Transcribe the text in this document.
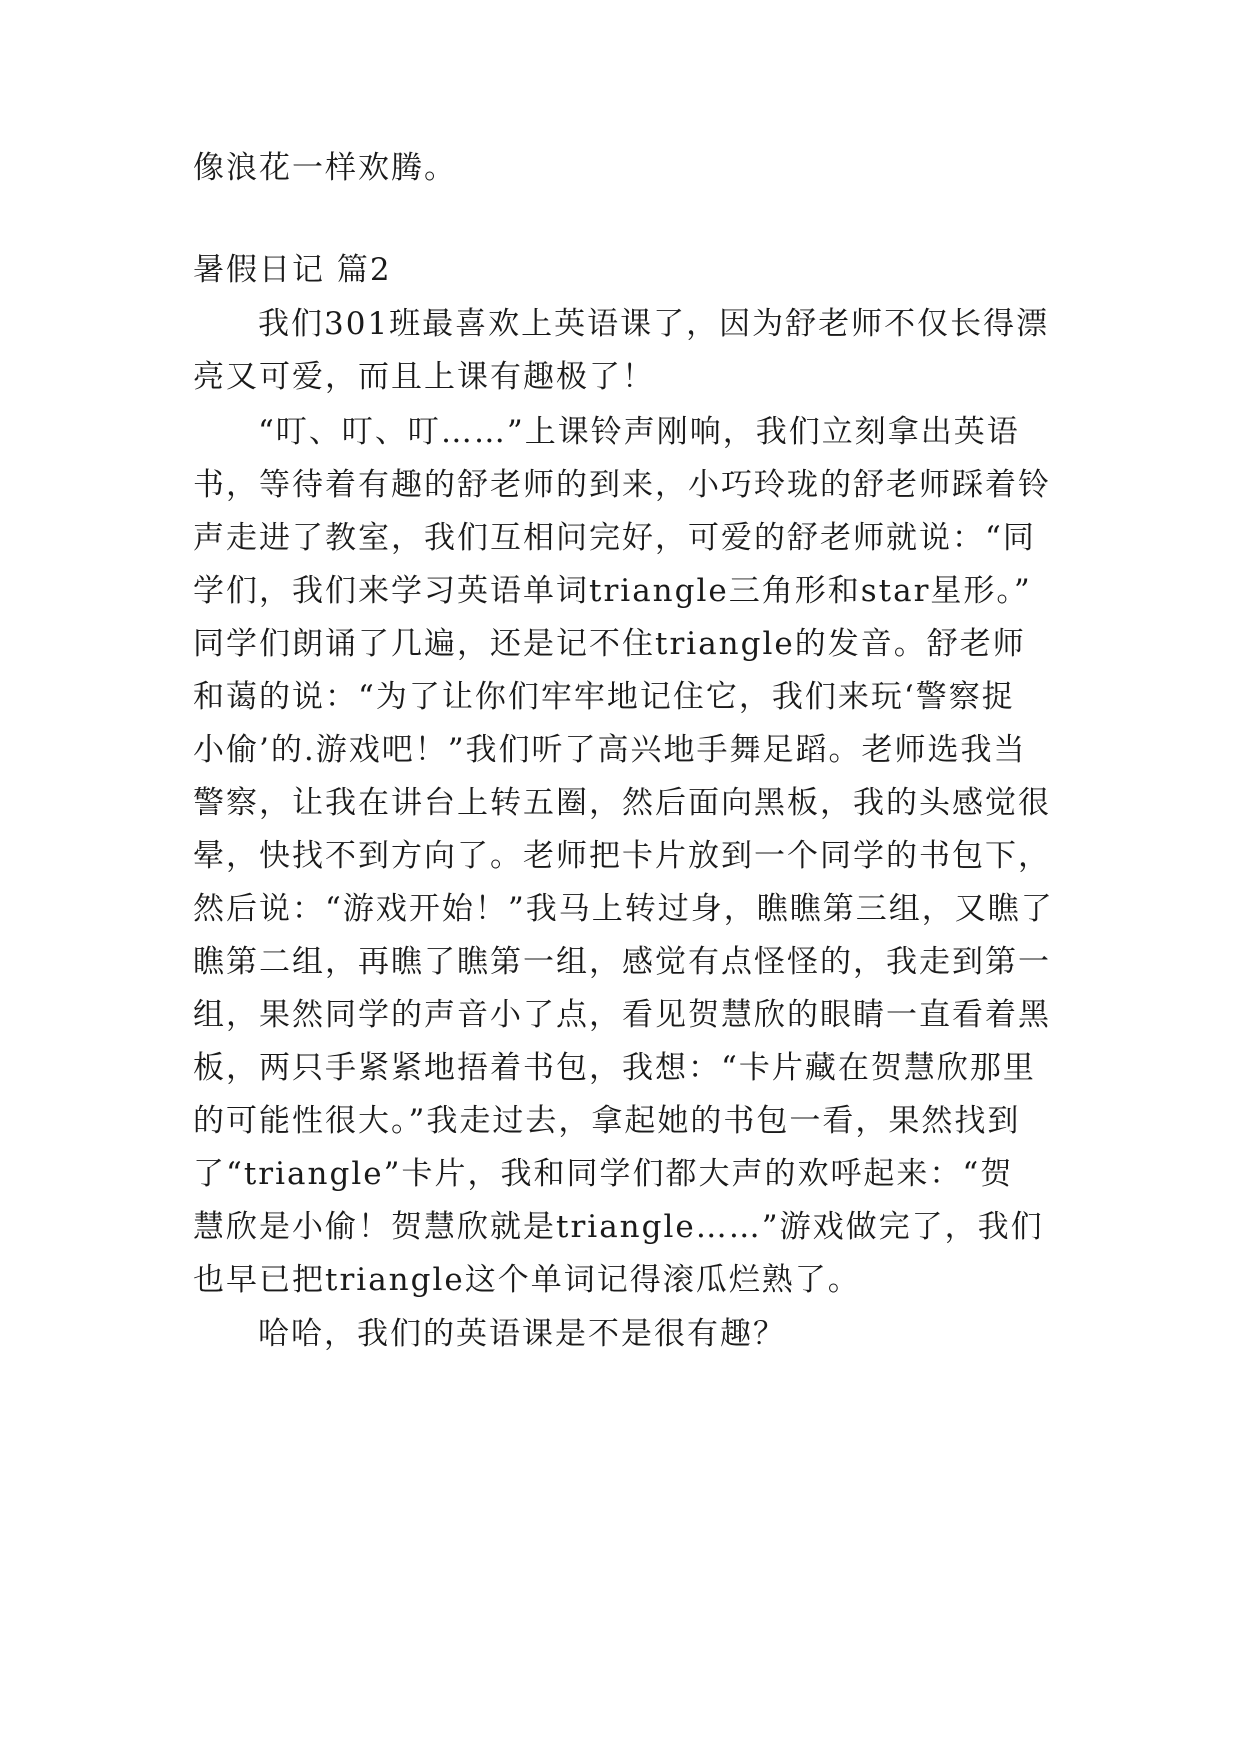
像浪花一样欢腾。
暑假日记 篇2
我们301班最喜欢上英语课了，因为舒老师不仅长得漂
亮又可爱，而且上课有趣极了！
“叮、叮、叮……”上课铃声刚响，我们立刻拿出英语
书，等待着有趣的舒老师的到来，小巧玲珑的舒老师踩着铃
声走进了教室，我们互相问完好，可爱的舒老师就说：“同
学们，我们来学习英语单词triangle三角形和star星形。”
同学们朗诵了几遍，还是记不住triangle的发音。舒老师
和蔼的说：“为了让你们牢牢地记住它，我们来玩‘警察捉
小偷’的.游戏吧！”我们听了高兴地手舞足蹈。老师选我当
警察，让我在讲台上转五圈，然后面向黑板，我的头感觉很
晕，快找不到方向了。老师把卡片放到一个同学的书包下，
然后说：“游戏开始！”我马上转过身，瞧瞧第三组，又瞧了
瞧第二组，再瞧了瞧第一组，感觉有点怪怪的，我走到第一
组，果然同学的声音小了点，看见贺慧欣的眼睛一直看着黑
板，两只手紧紧地捂着书包，我想：“卡片藏在贺慧欣那里
的可能性很大。”我走过去，拿起她的书包一看，果然找到
了“triangle”卡片，我和同学们都大声的欢呼起来：“贺
慧欣是小偷！贺慧欣就是triangle……”游戏做完了，我们
也早已把triangle这个单词记得滚瓜烂熟了。
哈哈，我们的英语课是不是很有趣？
